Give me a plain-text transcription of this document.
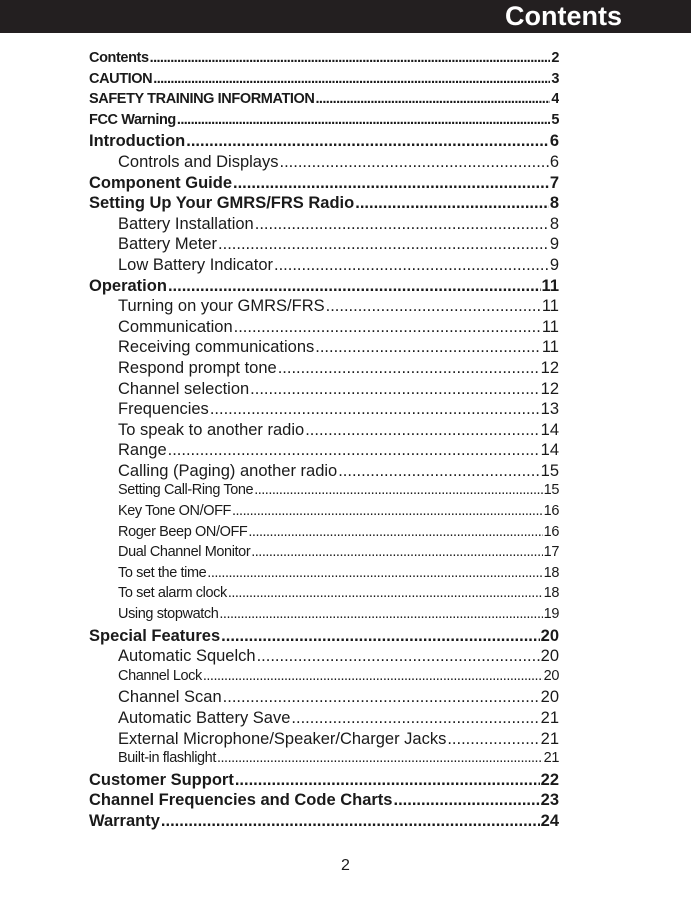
Contents
Contents .....	2
CAUTION .....	3
SAFETY TRAINING INFORMATION .....	4
FCC Warning .....	5
Introduction .....	6
Controls and Displays .....	6
Component Guide .....	7
Setting Up Your GMRS/FRS Radio .....	8
Battery Installation .....	8
Battery Meter .....	9
Low Battery Indicator .....	9
Operation .....	11
Turning on your GMRS/FRS .....	11
Communication .....	11
Receiving communications .....	11
Respond prompt tone .....	12
Channel selection .....	12
Frequencies .....	13
To speak to another radio .....	14
Range .....	14
Calling (Paging) another radio .....	15
Setting Call-Ring Tone .....	15
Key Tone ON/OFF .....	16
Roger Beep ON/OFF .....	16
Dual Channel Monitor .....	17
To set the time .....	18
To set alarm clock .....	18
Using stopwatch .....	19
Special Features .....	20
Automatic Squelch .....	20
Channel Lock .....	20
Channel Scan .....	20
Automatic Battery Save .....	21
External Microphone/Speaker/Charger Jacks .....	21
Built-in flashlight .....	21
Customer Support .....	22
Channel Frequencies and Code Charts .....	23
Warranty .....	24
2
